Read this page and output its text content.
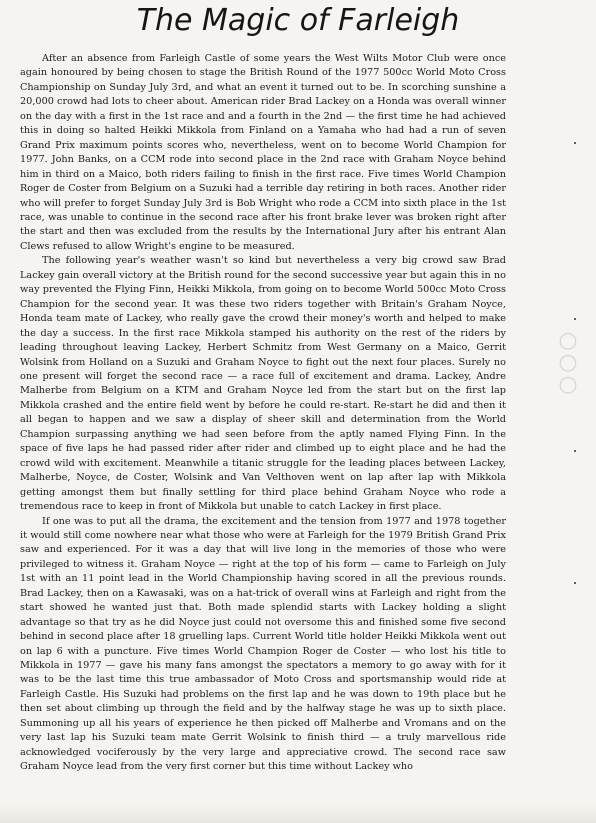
○
○
○
The Magic of Farleigh

After an absence from Farleigh Castle of some years the West Wilts Motor Club were once again honoured by being chosen to stage the British Round of the 1977 500cc World Moto Cross Championship on Sunday July 3rd, and what an event it turned out to be. In scorching sunshine a 20,000 crowd had lots to cheer about. American rider Brad Lackey on a Honda was overall winner on the day with a first in the 1st race and and a fourth in the 2nd — the first time he had achieved this in doing so halted Heikki Mikkola from Finland on a Yamaha who had had a run of seven Grand Prix maximum points scores who, nevertheless, went on to become World Champion for 1977. John Banks, on a CCM rode into second place in the 2nd race with Graham Noyce behind him in third on a Maico, both riders failing to finish in the first race. Five times World Champion Roger de Coster from Belgium on a Suzuki had a terrible day retiring in both races. Another rider who will prefer to forget Sunday July 3rd is Bob Wright who rode a CCM into sixth place in the 1st race, was unable to continue in the second race after his front brake lever was broken right after the start and then was excluded from the results by the International Jury after his entrant Alan Clews refused to allow Wright's engine to be measured.

The following year's weather wasn't so kind but nevertheless a very big crowd saw Brad Lackey gain overall victory at the British round for the second successive year but again this in no way prevented the Flying Finn, Heikki Mikkola, from going on to become World 500cc Moto Cross Champion for the second year. It was these two riders together with Britain's Graham Noyce, Honda team mate of Lackey, who really gave the crowd their money's worth and helped to make the day a success. In the first race Mikkola stamped his authority on the rest of the riders by leading throughout leaving Lackey, Herbert Schmitz from West Germany on a Maico, Gerrit Wolsink from Holland on a Suzuki and Graham Noyce to fight out the next four places. Surely no one present will forget the second race — a race full of excitement and drama. Lackey, Andre Malherbe from Belgium on a KTM and Graham Noyce led from the start but on the first lap Mikkola crashed and the entire field went by before he could re-start. Re-start he did and then it all began to happen and we saw a display of sheer skill and determination from the World Champion surpassing anything we had seen before from the aptly named Flying Finn. In the space of five laps he had passed rider after rider and climbed up to eight place and he had the crowd wild with excitement. Meanwhile a titanic struggle for the leading places between Lackey, Malherbe, Noyce, de Coster, Wolsink and Van Velthoven went on lap after lap with Mikkola getting amongst them but finally settling for third place behind Graham Noyce who rode a tremendous race to keep in front of Mikkola but unable to catch Lackey in first place.

If one was to put all the drama, the excitement and the tension from 1977 and 1978 together it would still come nowhere near what those who were at Farleigh for the 1979 British Grand Prix saw and experienced. For it was a day that will live long in the memories of those who were privileged to witness it. Graham Noyce — right at the top of his form — came to Farleigh on July 1st with an 11 point lead in the World Championship having scored in all the previous rounds. Brad Lackey, then on a Kawasaki, was on a hat-trick of overall wins at Farleigh and right from the start showed he wanted just that. Both made splendid starts with Lackey holding a slight advantage so that try as he did Noyce just could not oversome this and finished some five second behind in second place after 18 gruelling laps. Current World title holder Heikki Mikkola went out on lap 6 with a puncture. Five times World Champion Roger de Coster — who lost his title to Mikkola in 1977 — gave his many fans amongst the spectators a memory to go away with for it was to be the last time this true ambassador of Moto Cross and sportsmanship would ride at Farleigh Castle. His Suzuki had problems on the first lap and he was down to 19th place but he then set about climbing up through the field and by the halfway stage he was up to sixth place. Summoning up all his years of experience he then picked off Malherbe and Vromans and on the very last lap his Suzuki team mate Gerrit Wolsink to finish third — a truly marvellous ride acknowledged vociferously by the very large and appreciative crowd. The second race saw Graham Noyce lead from the very first corner but this time without Lackey who
